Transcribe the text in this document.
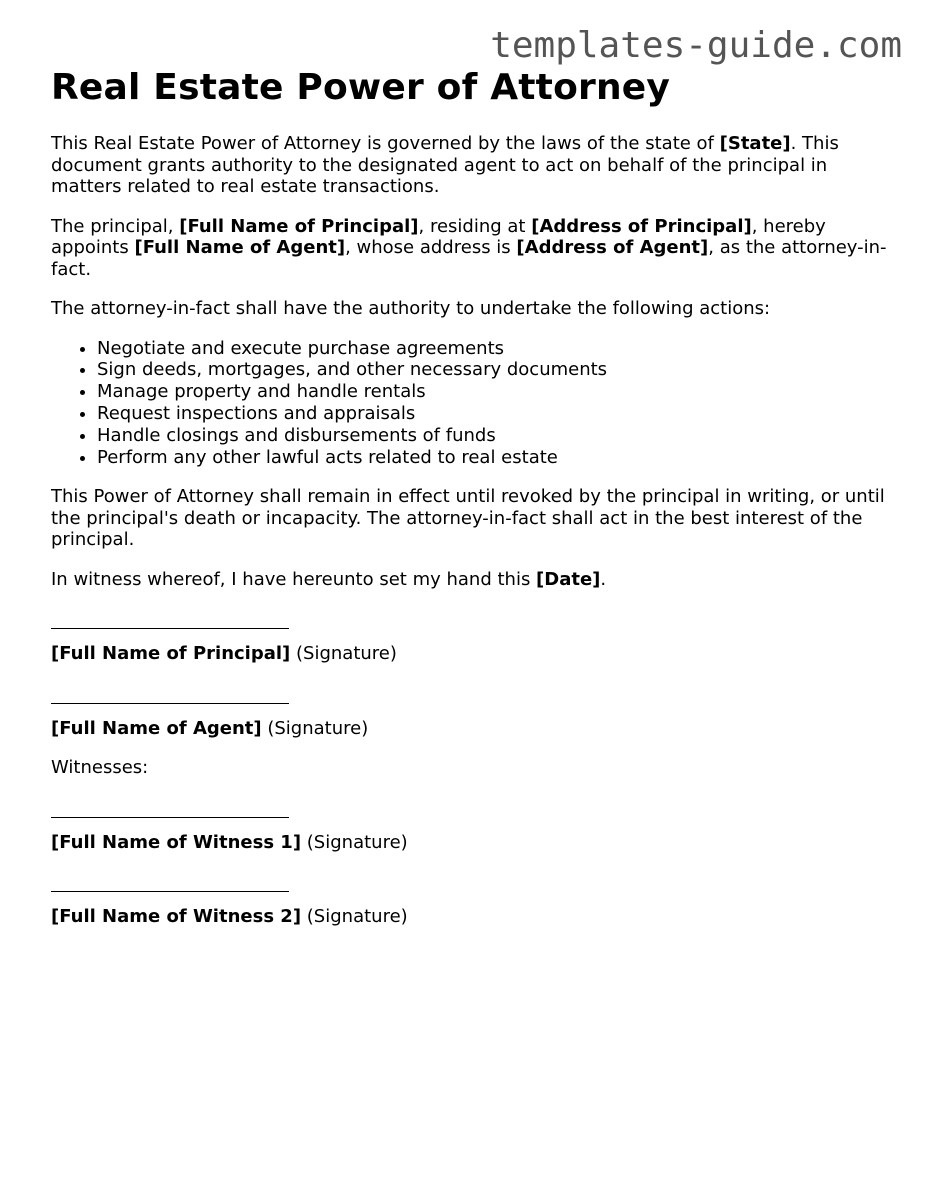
templates-guide.com
Real Estate Power of Attorney

This Real Estate Power of Attorney is governed by the laws of the state of [State]. This document grants authority to the designated agent to act on behalf of the principal in matters related to real estate transactions.

The principal, [Full Name of Principal], residing at [Address of Principal], hereby appoints [Full Name of Agent], whose address is [Address of Agent], as the attorney-in-fact.

The attorney-in-fact shall have the authority to undertake the following actions:

• Negotiate and execute purchase agreements
• Sign deeds, mortgages, and other necessary documents
• Manage property and handle rentals
• Request inspections and appraisals
• Handle closings and disbursements of funds
• Perform any other lawful acts related to real estate

This Power of Attorney shall remain in effect until revoked by the principal in writing, or until the principal's death or incapacity. The attorney-in-fact shall act in the best interest of the principal.

In witness whereof, I have hereunto set my hand this [Date].

[Full Name of Principal] (Signature)
[Full Name of Agent] (Signature)
Witnesses:
[Full Name of Witness 1] (Signature)
[Full Name of Witness 2] (Signature)
